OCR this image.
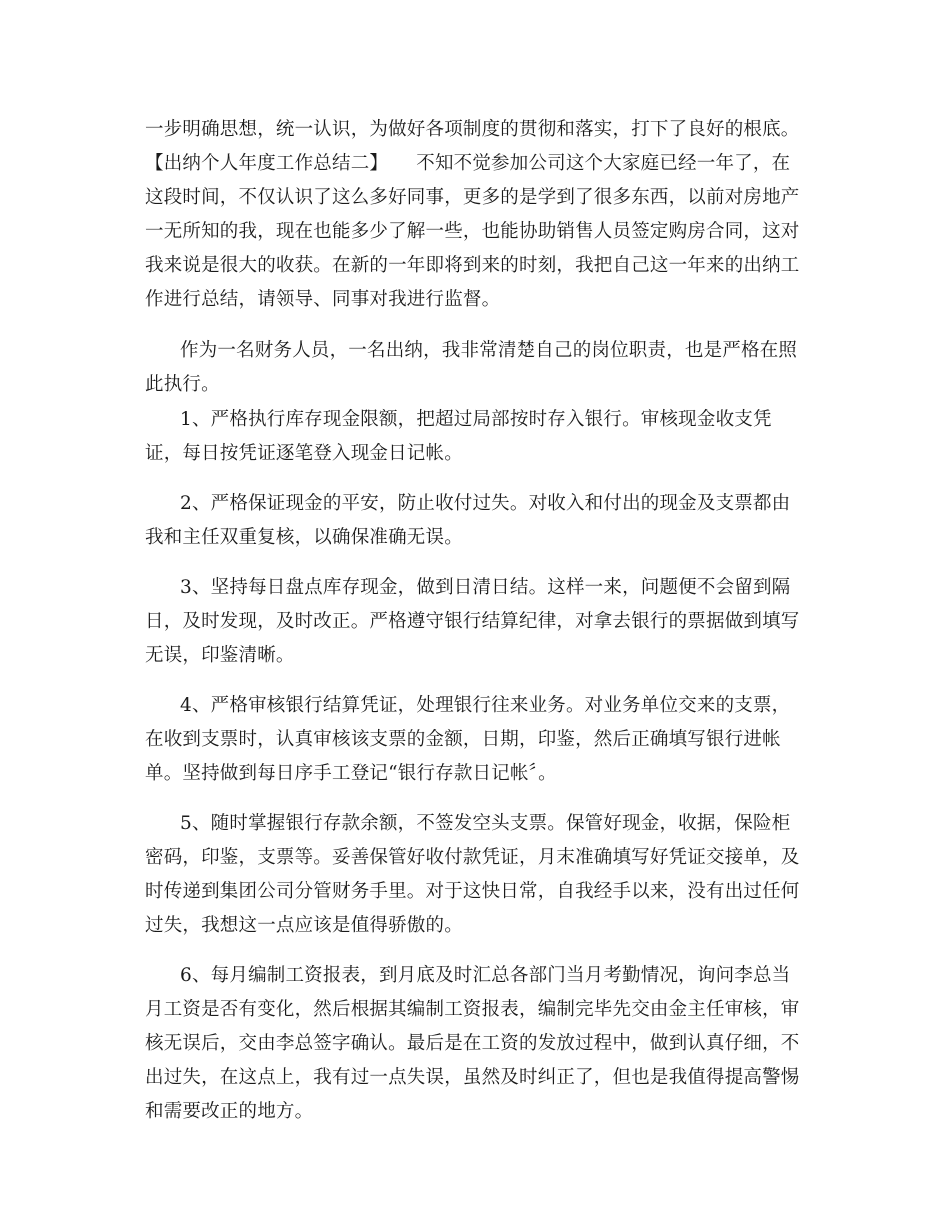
一步明确思想，统一认识，为做好各项制度的贯彻和落实，打下了良好的根底。
【出纳个人年度工作总结二】　　不知不觉参加公司这个大家庭已经一年了，在
这段时间，不仅认识了这么多好同事，更多的是学到了很多东西，以前对房地产
一无所知的我，现在也能多少了解一些，也能协助销售人员签定购房合同，这对
我来说是很大的收获。在新的一年即将到来的时刻，我把自己这一年来的出纳工
作进行总结，请领导、同事对我进行监督。
作为一名财务人员，一名出纳，我非常清楚自己的岗位职责，也是严格在照
此执行。
1、严格执行库存现金限额，把超过局部按时存入银行。审核现金收支凭
证，每日按凭证逐笔登入现金日记帐。
2、严格保证现金的平安，防止收付过失。对收入和付出的现金及支票都由
我和主任双重复核，以确保准确无误。
3、坚持每日盘点库存现金，做到日清日结。这样一来，问题便不会留到隔
日，及时发现，及时改正。严格遵守银行结算纪律，对拿去银行的票据做到填写
无误，印鉴清晰。
4、严格审核银行结算凭证，处理银行往来业务。对业务单位交来的支票，
在收到支票时，认真审核该支票的金额，日期，印鉴，然后正确填写银行进帐
单。坚持做到每日序手工登记“银行存款日记帐〞。
5、随时掌握银行存款余额，不签发空头支票。保管好现金，收据，保险柜
密码，印鉴，支票等。妥善保管好收付款凭证，月末准确填写好凭证交接单，及
时传递到集团公司分管财务手里。对于这快日常，自我经手以来，没有出过任何
过失，我想这一点应该是值得骄傲的。
6、每月编制工资报表，到月底及时汇总各部门当月考勤情况，询问李总当
月工资是否有变化，然后根据其编制工资报表，编制完毕先交由金主任审核，审
核无误后，交由李总签字确认。最后是在工资的发放过程中，做到认真仔细，不
出过失，在这点上，我有过一点失误，虽然及时纠正了，但也是我值得提高警惕
和需要改正的地方。
